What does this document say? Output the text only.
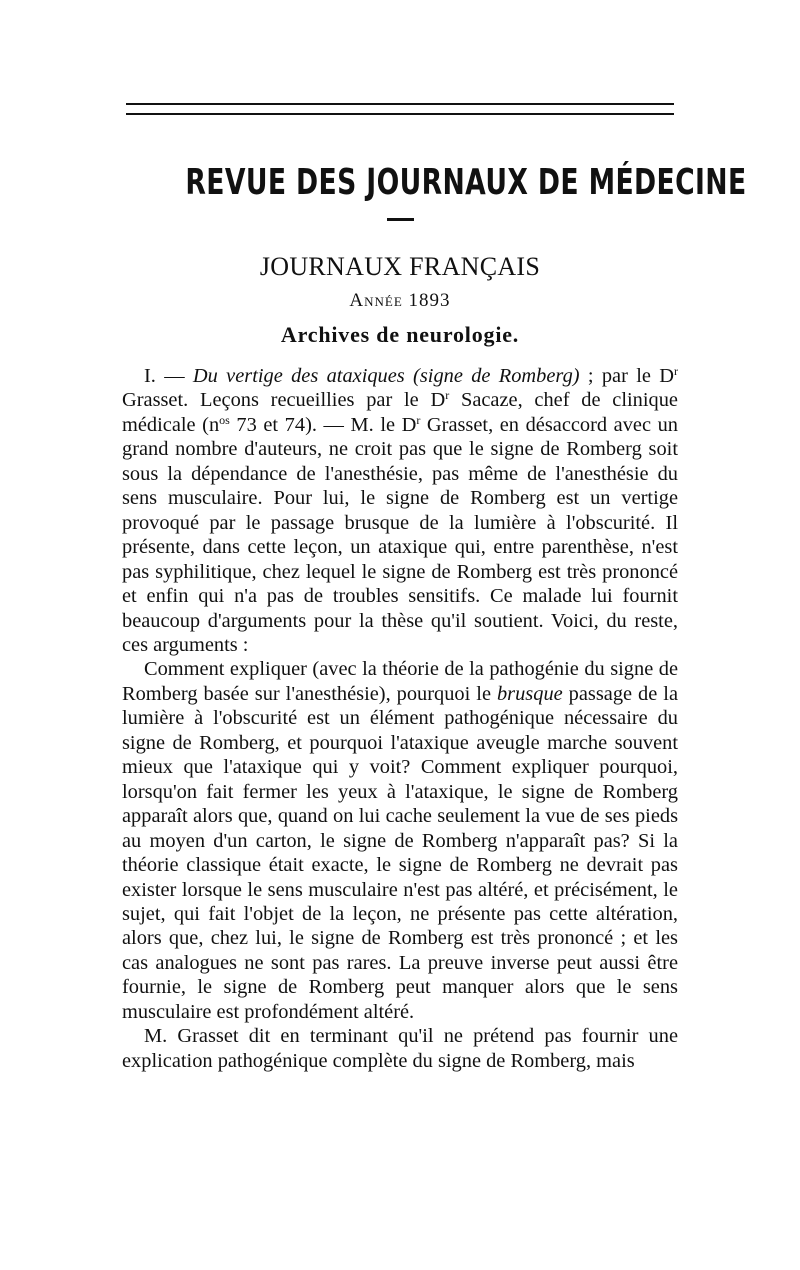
REVUE DES JOURNAUX DE MÉDECINE
JOURNAUX FRANÇAIS
Année 1893
Archives de neurologie.

I. — Du vertige des ataxiques (signe de Romberg) ; par le $D^r$ Grasset. Leçons recueillies par le $D^r$ Sacaze, chef de clinique médicale ($n^{os}$ 73 et 74). — M. le $D^r$ Grasset, en désaccord avec un grand nombre d'auteurs, ne croit pas que le signe de Romberg soit sous la dépendance de l'anesthésie, pas même de l'anesthésie du sens musculaire. Pour lui, le signe de Romberg est un vertige provoqué par le passage brusque de la lumière à l'obscurité. Il présente, dans cette leçon, un ataxique qui, entre parenthèse, n'est pas syphilitique, chez lequel le signe de Romberg est très prononcé et enfin qui n'a pas de troubles sensitifs. Ce malade lui fournit beaucoup d'arguments pour la thèse qu'il soutient. Voici, du reste, ces arguments :

Comment expliquer (avec la théorie de la pathogénie du signe de Romberg basée sur l'anesthésie), pourquoi le brusque passage de la lumière à l'obscurité est un élément pathogénique nécessaire du signe de Romberg, et pourquoi l'ataxique aveugle marche souvent mieux que l'ataxique qui y voit? Comment expliquer pourquoi, lorsqu'on fait fermer les yeux à l'ataxique, le signe de Romberg apparaît alors que, quand on lui cache seulement la vue de ses pieds au moyen d'un carton, le signe de Romberg n'apparaît pas? Si la théorie classique était exacte, le signe de Romberg ne devrait pas exister lorsque le sens musculaire n'est pas altéré, et précisément, le sujet, qui fait l'objet de la leçon, ne présente pas cette altération, alors que, chez lui, le signe de Romberg est très prononcé ; et les cas analogues ne sont pas rares. La preuve inverse peut aussi être fournie, le signe de Romberg peut manquer alors que le sens musculaire est profondément altéré.

M. Grasset dit en terminant qu'il ne prétend pas fournir une explication pathogénique complète du signe de Romberg, mais
